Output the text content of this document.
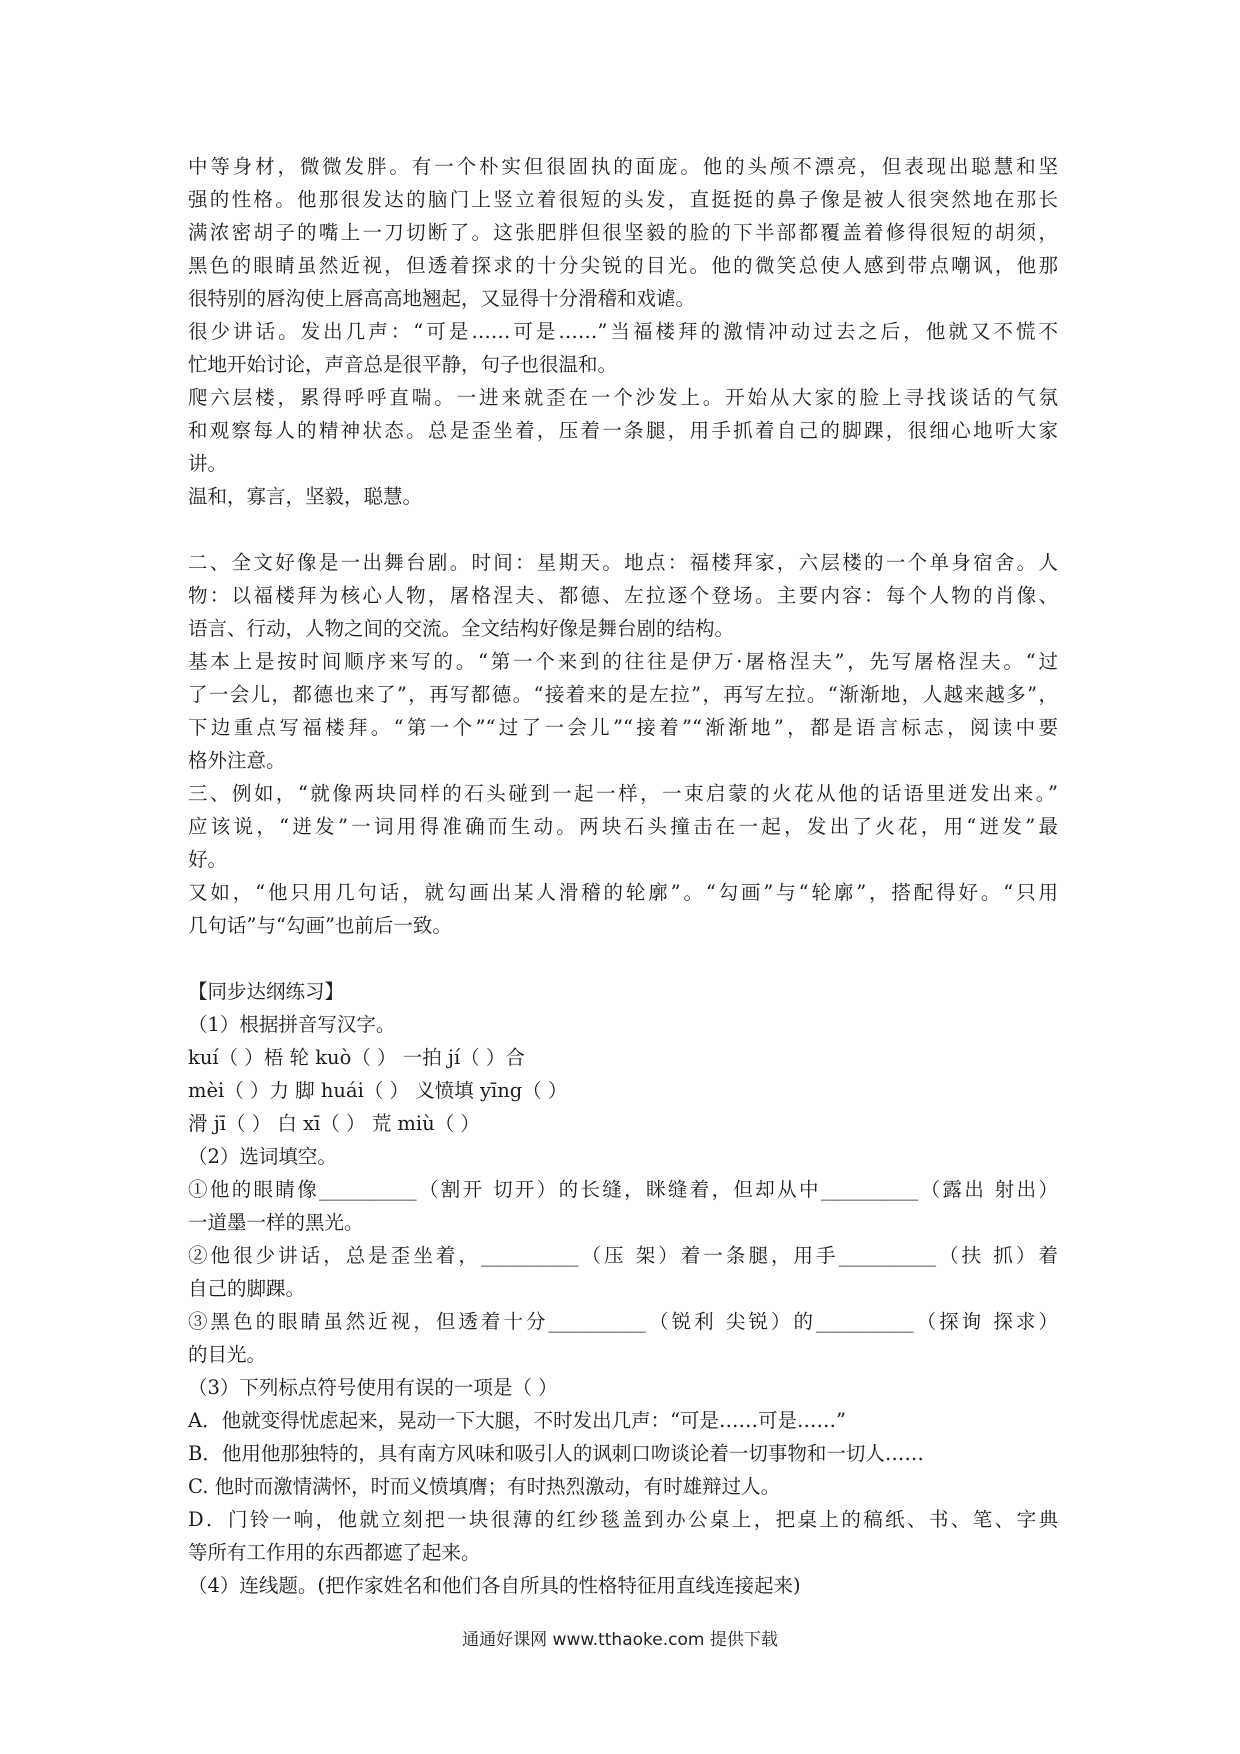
中等身材，微微发胖。有一个朴实但很固执的面庞。他的头颅不漂亮，但表现出聪慧和坚
强的性格。他那很发达的脑门上竖立着很短的头发，直挺挺的鼻子像是被人很突然地在那长
满浓密胡子的嘴上一刀切断了。这张肥胖但很坚毅的脸的下半部都覆盖着修得很短的胡须，
黑色的眼睛虽然近视，但透着探求的十分尖锐的目光。他的微笑总使人感到带点嘲讽，他那
很特别的唇沟使上唇高高地翘起，又显得十分滑稽和戏谑。
很少讲话。发出几声：“可是……可是……”当福楼拜的激情冲动过去之后，他就又不慌不
忙地开始讨论，声音总是很平静，句子也很温和。
爬六层楼，累得呼呼直喘。一进来就歪在一个沙发上。开始从大家的脸上寻找谈话的气氛
和观察每人的精神状态。总是歪坐着，压着一条腿，用手抓着自己的脚踝，很细心地听大家
讲。
温和，寡言，坚毅，聪慧。
二、全文好像是一出舞台剧。时间：星期天。地点：福楼拜家，六层楼的一个单身宿舍。人
物：以福楼拜为核心人物，屠格涅夫、都德、左拉逐个登场。主要内容：每个人物的肖像、
语言、行动，人物之间的交流。全文结构好像是舞台剧的结构。
基本上是按时间顺序来写的。“第一个来到的往往是伊万·屠格涅夫”，先写屠格涅夫。“过
了一会儿，都德也来了”，再写都德。“接着来的是左拉”，再写左拉。“渐渐地，人越来越多”，
下边重点写福楼拜。“第一个”“过了一会儿”“接着”“渐渐地”，都是语言标志，阅读中要
格外注意。
三、例如，“就像两块同样的石头碰到一起一样，一束启蒙的火花从他的话语里迸发出来。”
应该说，“迸发”一词用得准确而生动。两块石头撞击在一起，发出了火花，用“迸发”最
好。
又如，“他只用几句话，就勾画出某人滑稽的轮廓”。“勾画”与“轮廓”，搭配得好。“只用
几句话”与“勾画”也前后一致。
【同步达纲练习】
（1）根据拼音写汉字。
kuí（ ）梧 轮 kuò（ ） 一拍 jí（ ）合
mèi（ ）力 脚 huái（ ） 义愤填 yīng（ ）
滑 jī（ ） 白 xī（ ） 荒 miù（ ）
（2）选词填空。
①他的眼睛像__________（割开 切开）的长缝，眯缝着，但却从中__________（露出 射出）
一道墨一样的黑光。
②他很少讲话，总是歪坐着，__________（压 架）着一条腿，用手__________（扶 抓）着
自己的脚踝。
③黑色的眼睛虽然近视，但透着十分__________（锐利 尖锐）的__________（探询 探求）
的目光。
（3）下列标点符号使用有误的一项是（ ）
A．他就变得忧虑起来，晃动一下大腿，不时发出几声：“可是……可是……”
B．他用他那独特的，具有南方风味和吸引人的讽刺口吻谈论着一切事物和一切人……
C. 他时而激情满怀，时而义愤填膺；有时热烈激动，有时雄辩过人。
D．门铃一响，他就立刻把一块很薄的红纱毯盖到办公桌上，把桌上的稿纸、书、笔、字典
等所有工作用的东西都遮了起来。
（4）连线题。(把作家姓名和他们各自所具的性格特征用直线连接起来)
通通好课网 www.tthaoke.com 提供下载
